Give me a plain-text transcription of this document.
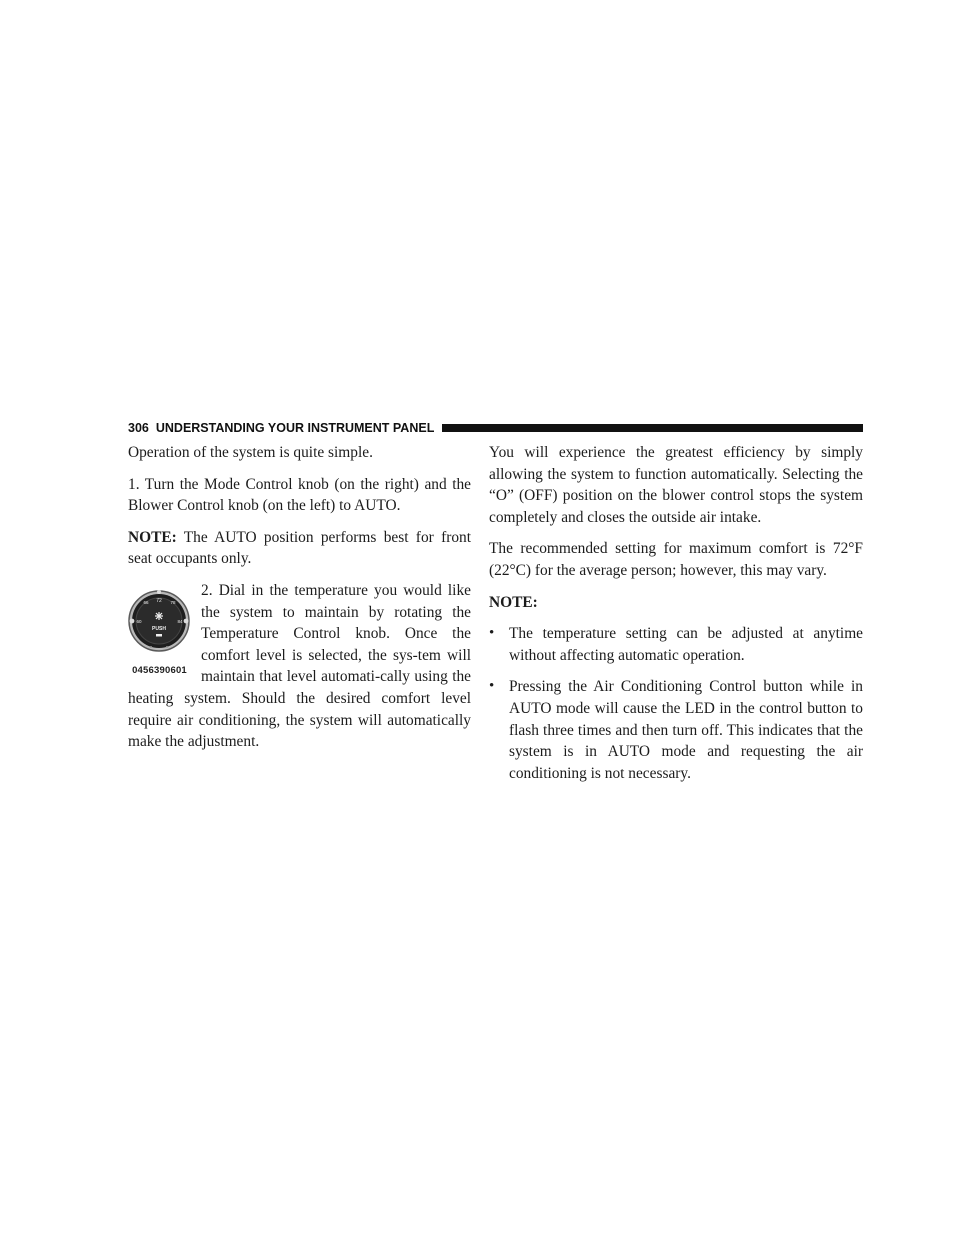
306 UNDERSTANDING YOUR INSTRUMENT PANEL

Operation of the system is quite simple.

1. Turn the Mode Control knob (on the right) and the Blower Control knob (on the left) to AUTO.

NOTE: The AUTO position performs best for front seat occupants only.

72
66	78
60	84
PUSH
0456390601

2. Dial in the temperature you would like the system to maintain by rotating the Temperature Control knob. Once the comfort level is selected, the sys-tem will maintain that level automati-cally using the heating system. Should the desired comfort level require air conditioning, the system will automatically make the adjustment.

You will experience the greatest efficiency by simply allowing the system to function automatically. Selecting the “O” (OFF) position on the blower control stops the system completely and closes the outside air intake.

The recommended setting for maximum comfort is 72°F (22°C) for the average person; however, this may vary.

NOTE:

• The temperature setting can be adjusted at anytime without affecting automatic operation.
• Pressing the Air Conditioning Control button while in AUTO mode will cause the LED in the control button to flash three times and then turn off. This indicates that the system is in AUTO mode and requesting the air conditioning is not necessary.
